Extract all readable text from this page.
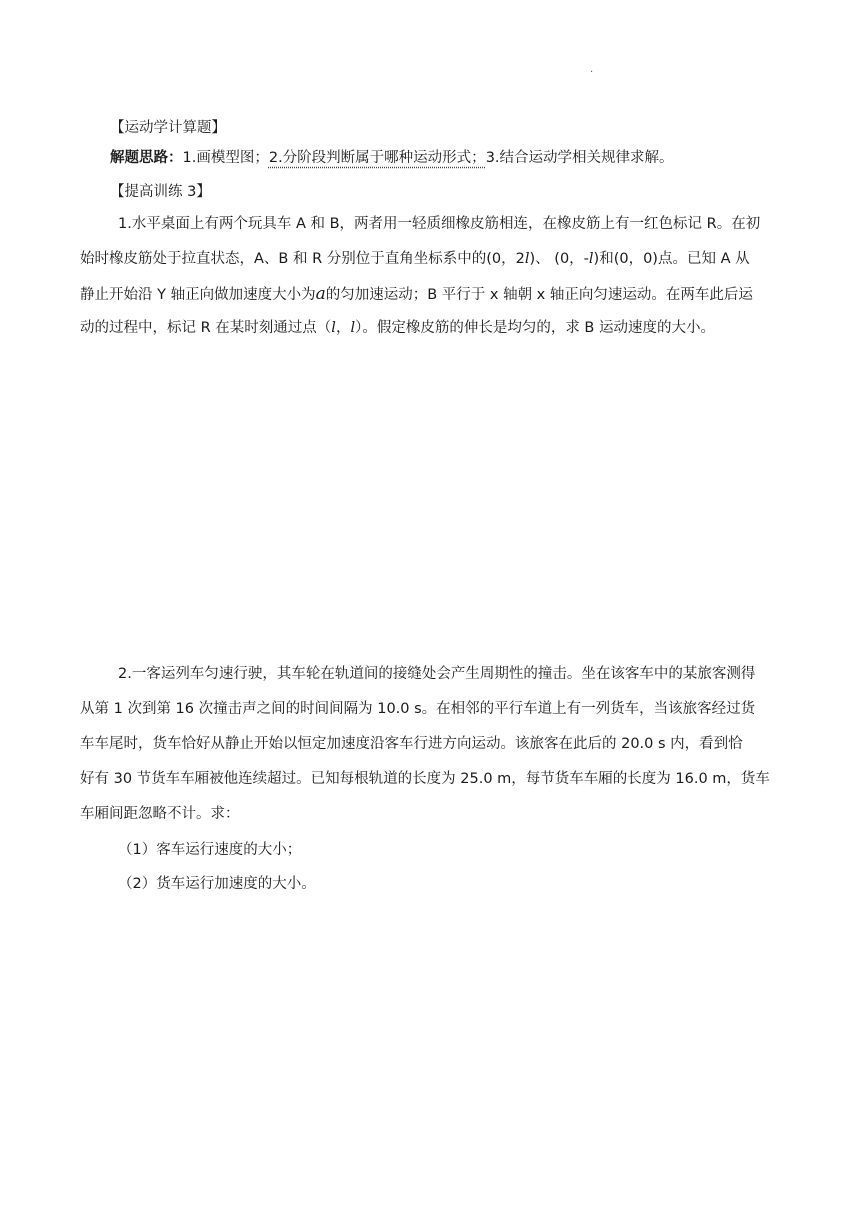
.
【运动学计算题】
解题思路：1.画模型图；2.分阶段判断属于哪种运动形式；3.结合运动学相关规律求解。
【提高训练 3】
1.水平桌面上有两个玩具车 A 和 B，两者用一轻质细橡皮筋相连，在橡皮筋上有一红色标记 R。在初
始时橡皮筋处于拉直状态，A、B 和 R 分别位于直角坐标系中的(0，2l)、 (0，-l)和(0，0)点。已知 A 从
静止开始沿 Y 轴正向做加速度大小为a的匀加速运动；B 平行于 x 轴朝 x 轴正向匀速运动。在两车此后运
动的过程中，标记 R 在某时刻通过点（l，l）。假定橡皮筋的伸长是均匀的，求 B 运动速度的大小。
2.一客运列车匀速行驶，其车轮在轨道间的接缝处会产生周期性的撞击。坐在该客车中的某旅客测得
从第 1 次到第 16 次撞击声之间的时间间隔为 10.0 s。在相邻的平行车道上有一列货车，当该旅客经过货
车车尾时，货车恰好从静止开始以恒定加速度沿客车行进方向运动。该旅客在此后的 20.0 s 内，看到恰
好有 30 节货车车厢被他连续超过。已知每根轨道的长度为 25.0 m，每节货车车厢的长度为 16.0 m，货车
车厢间距忽略不计。求：
（1）客车运行速度的大小；
（2）货车运行加速度的大小。
